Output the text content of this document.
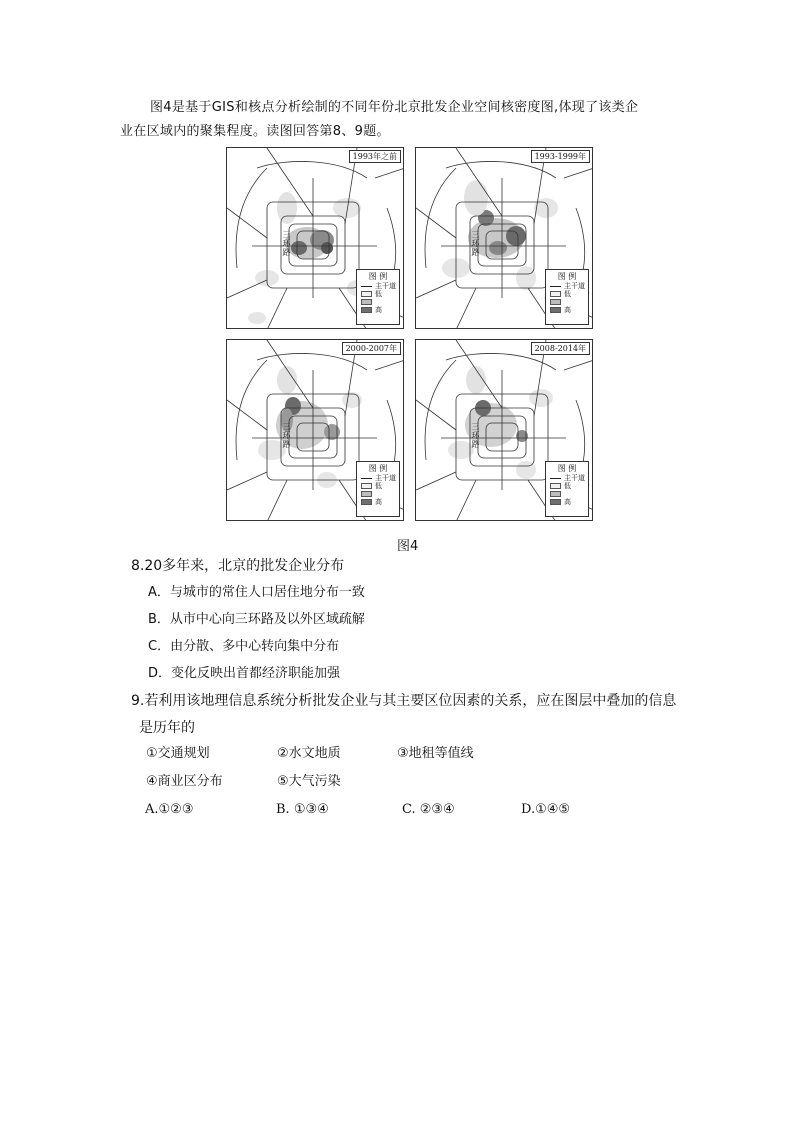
图4是基于GIS和核点分析绘制的不同年份北京批发企业空间核密度图,体现了该类企
业在区域内的聚集程度。读图回答第8、9题。
1993年之前
三
环
路
图 例
主干道
低
高
1993-1999年
三
环
路
图 例
主干道
低
高
2000-2007年
三
环
路
图 例
主干道
低
高
2008-2014年
三
环
路
图 例
主干道
低
高
图4
8.20多年来，北京的批发企业分布
A．与城市的常住人口居住地分布一致
B．从市中心向三环路及以外区域疏解
C．由分散、多中心转向集中分布
D．变化反映出首都经济职能加强
9.若利用该地理信息系统分析批发企业与其主要区位因素的关系，应在图层中叠加的信息
是历年的
①交通规划	②水文地质	③地租等值线
④商业区分布	⑤大气污染
A.①②③	B. ①③④	C. ②③④	D.①④⑤
